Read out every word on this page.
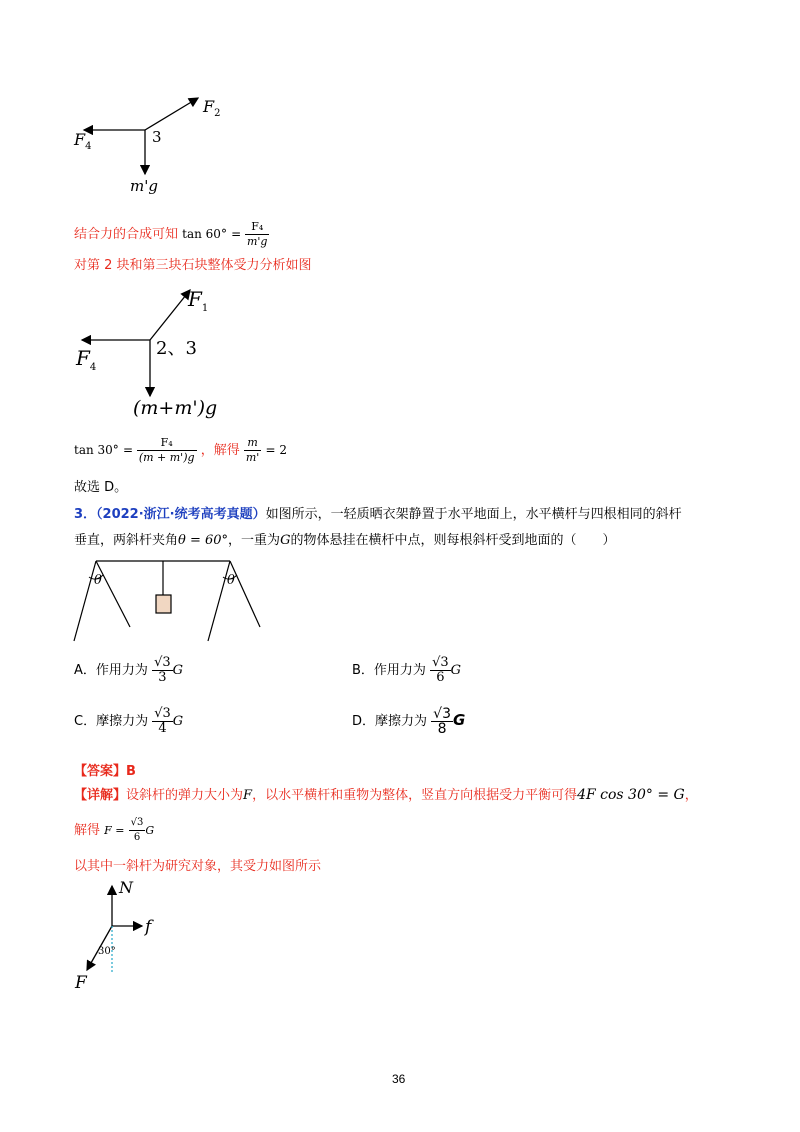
$F_2$
$F_4$
3
m'g
结合力的合成可知 $\tan 60^\circ = \frac{\text{F₄}}{m'g}$
对第 2 块和第三块石块整体受力分析如图
$F_1$
$F_4$
2、3
(m+m')g
$\tan 30^\circ = \frac{\text{F₄}}{(m + m')g}$ ，解得 $\frac{m}{m'} = 2$
故选 D。
3．（2022·浙江·统考高考真题）如图所示，一轻质晒衣架静置于水平地面上，水平横杆与四根相同的斜杆
垂直，两斜杆夹角θ = 60°，一重为G的物体悬挂在横杆中点，则每根斜杆受到地面的（　　）
θ	θ
A．作用力为 $\frac{√3}{3}$ G	B．作用力为 $\frac{√3}{6}$ G
C．摩擦力为 $\frac{√3}{4}$ G	D．摩擦力为 $\frac{√3}{8}$ G
【答案】B
【详解】设斜杆的弹力大小为F，以水平横杆和重物为整体，竖直方向根据受力平衡可得4F cos 30° = G，
解得 $F = \frac{√3}{6}$ G
以其中一斜杆为研究对象，其受力如图所示
N
f
F
30°
36
